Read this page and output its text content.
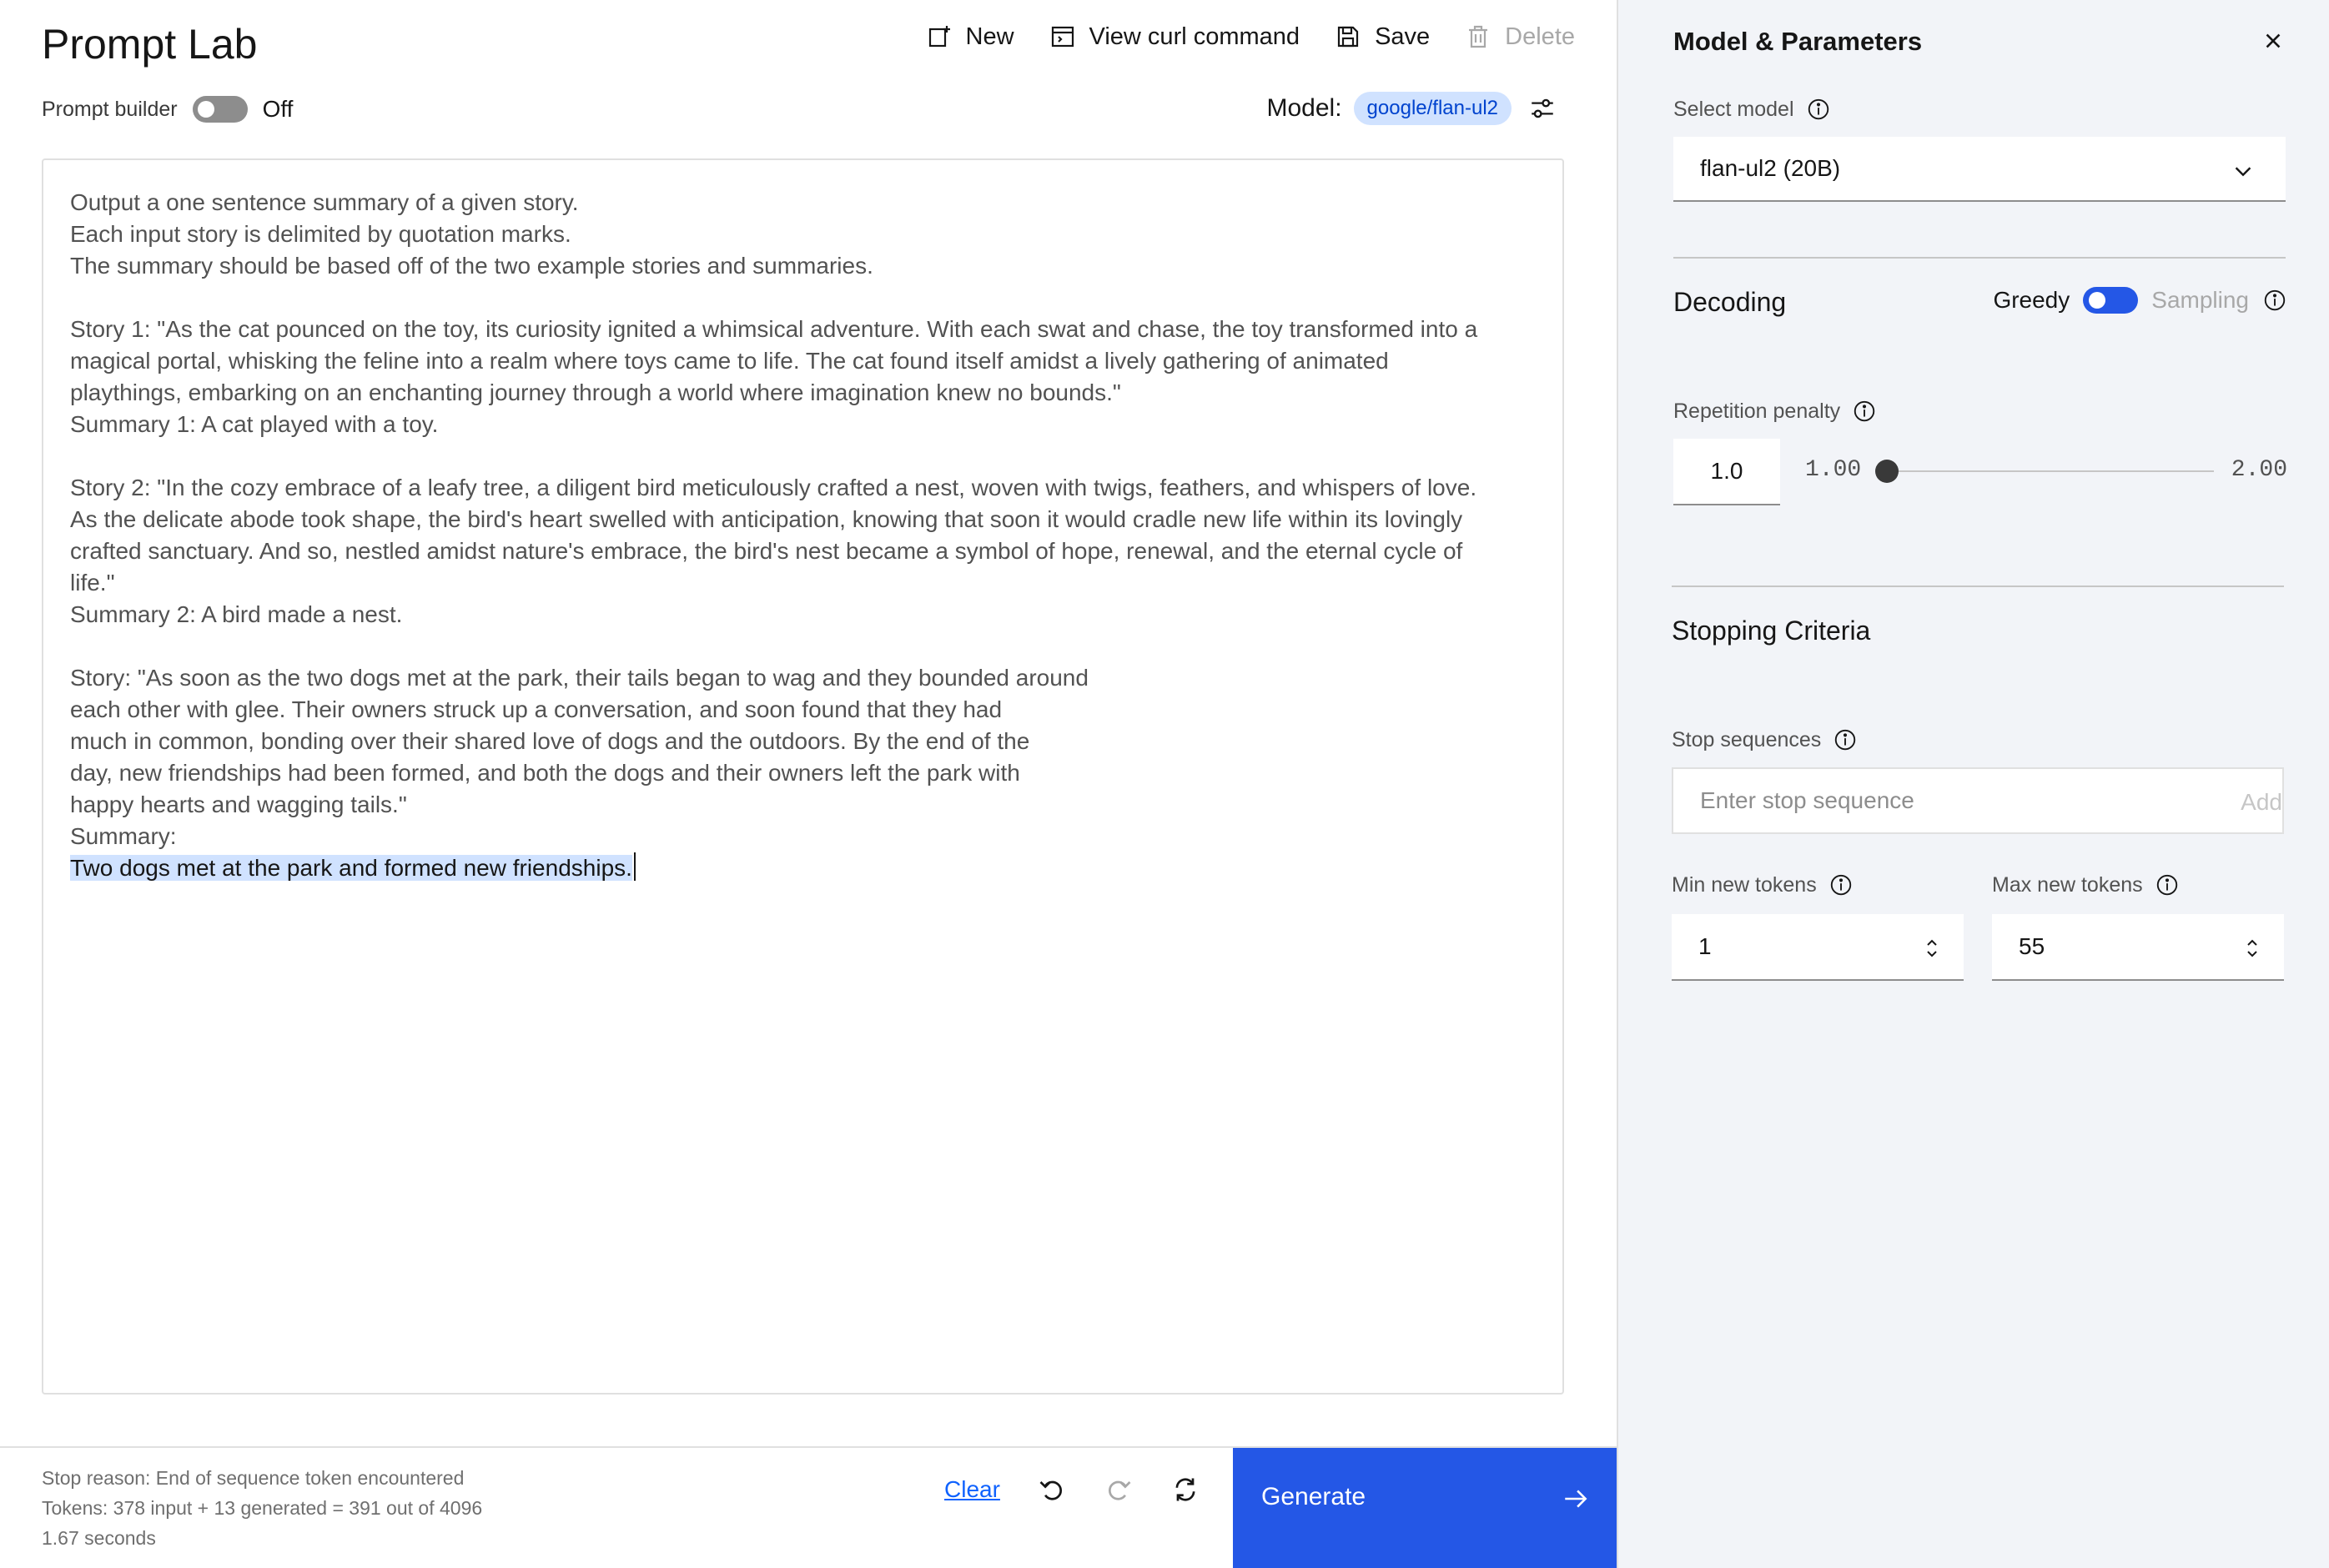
Prompt Lab	New	View curl command	Save	Delete
Prompt builder	Off	Model:	google/flan-ul2
Output a one sentence summary of a given story.
Each input story is delimited by quotation marks.
The summary should be based off of the two example stories and summaries.

Story 1: "As the cat pounced on the toy, its curiosity ignited a whimsical adventure. With each swat and chase, the toy transformed into a
magical portal, whisking the feline into a realm where toys came to life. The cat found itself amidst a lively gathering of animated
playthings, embarking on an enchanting journey through a world where imagination knew no bounds."
Summary 1: A cat played with a toy.

Story 2: "In the cozy embrace of a leafy tree, a diligent bird meticulously crafted a nest, woven with twigs, feathers, and whispers of love.
As the delicate abode took shape, the bird's heart swelled with anticipation, knowing that soon it would cradle new life within its lovingly
crafted sanctuary. And so, nestled amidst nature's embrace, the bird's nest became a symbol of hope, renewal, and the eternal cycle of
life."
Summary 2: A bird made a nest.

Story: "As soon as the two dogs met at the park, their tails began to wag and they bounded around
each other with glee. Their owners struck up a conversation, and soon found that they had
much in common, bonding over their shared love of dogs and the outdoors. By the end of the
day, new friendships had been formed, and both the dogs and their owners left the park with
happy hearts and wagging tails."
Summary:
Two dogs met at the park and formed new friendships.
Stop reason: End of sequence token encountered
Tokens: 378 input + 13 generated = 391 out of 4096
1.67 seconds
Clear	Generate
Model & Parameters
Select model
flan-ul2 (20B)
Decoding	Greedy	Sampling
Repetition penalty
1.0	1.00	2.00
Stopping Criteria
Stop sequences
Enter stop sequence	Add
Min new tokens	Max new tokens
1	55
